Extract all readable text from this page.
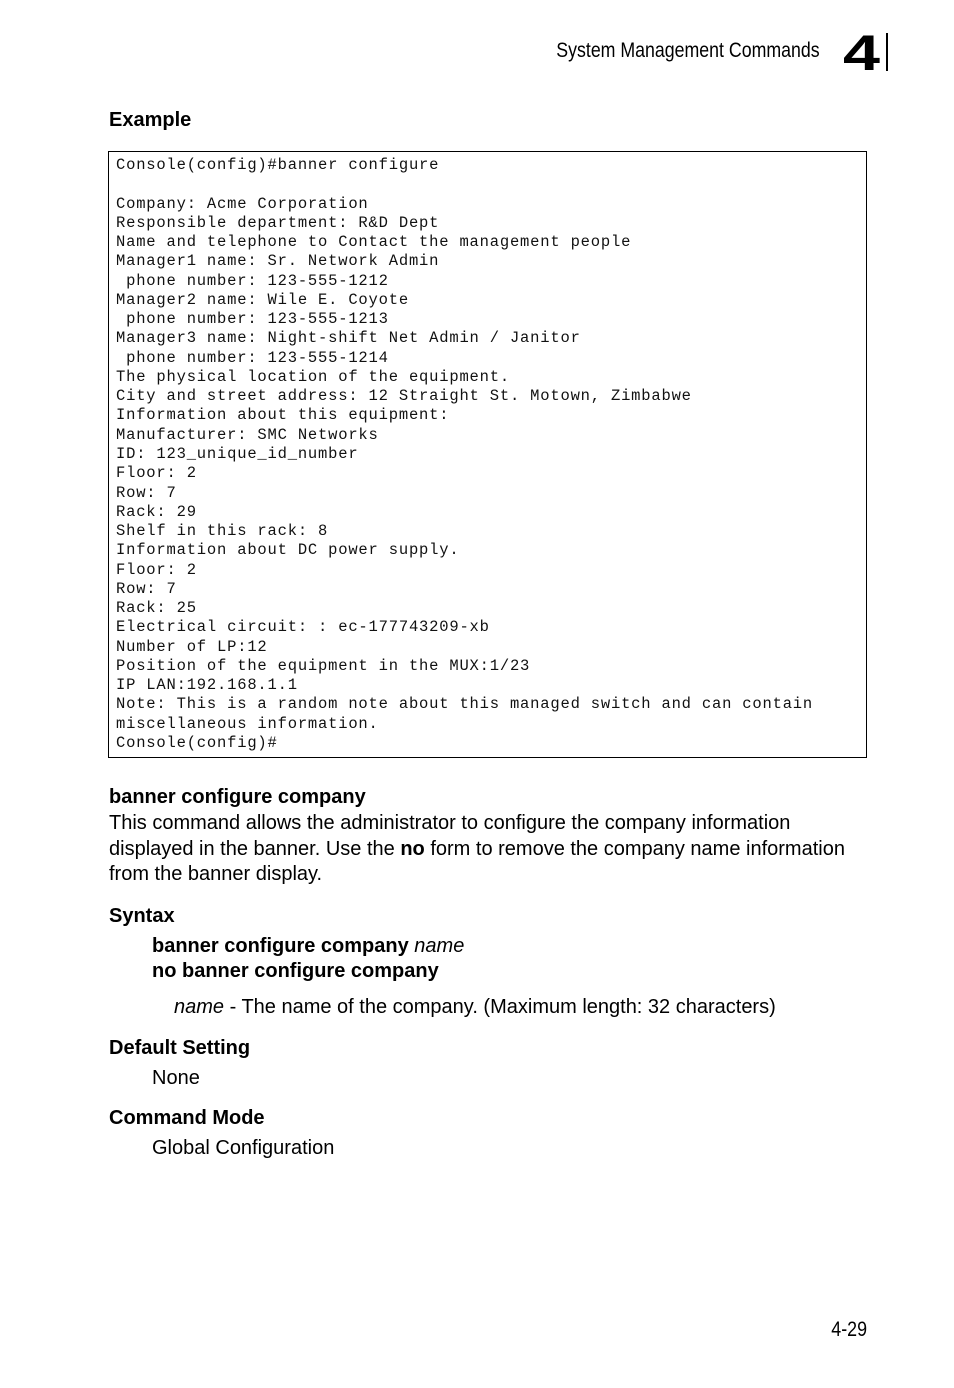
System Management Commands 4
Example
Console(config)#banner configure
Company: Acme Corporation
Responsible department: R&D Dept
Name and telephone to Contact the management people
Manager1 name: Sr. Network Admin
phone number: 123-555-1212
Manager2 name: Wile E. Coyote
phone number: 123-555-1213
Manager3 name: Night-shift Net Admin / Janitor
phone number: 123-555-1214
The physical location of the equipment.
City and street address: 12 Straight St. Motown, Zimbabwe
Information about this equipment:
Manufacturer: SMC Networks
ID: 123_unique_id_number
Floor: 2
Row: 7
Rack: 29
Shelf in this rack: 8
Information about DC power supply.
Floor: 2
Row: 7
Rack: 25
Electrical circuit: : ec-177743209-xb
Number of LP:12
Position of the equipment in the MUX:1/23
IP LAN:192.168.1.1
Note: This is a random note about this managed switch and can contain
miscellaneous information.
Console(config)#
banner configure company
This command allows the administrator to configure the company information
displayed in the banner. Use the no form to remove the company name information
from the banner display.
Syntax
banner configure company name
no banner configure company
name - The name of the company. (Maximum length: 32 characters)
Default Setting
None
Command Mode
Global Configuration
4-29
